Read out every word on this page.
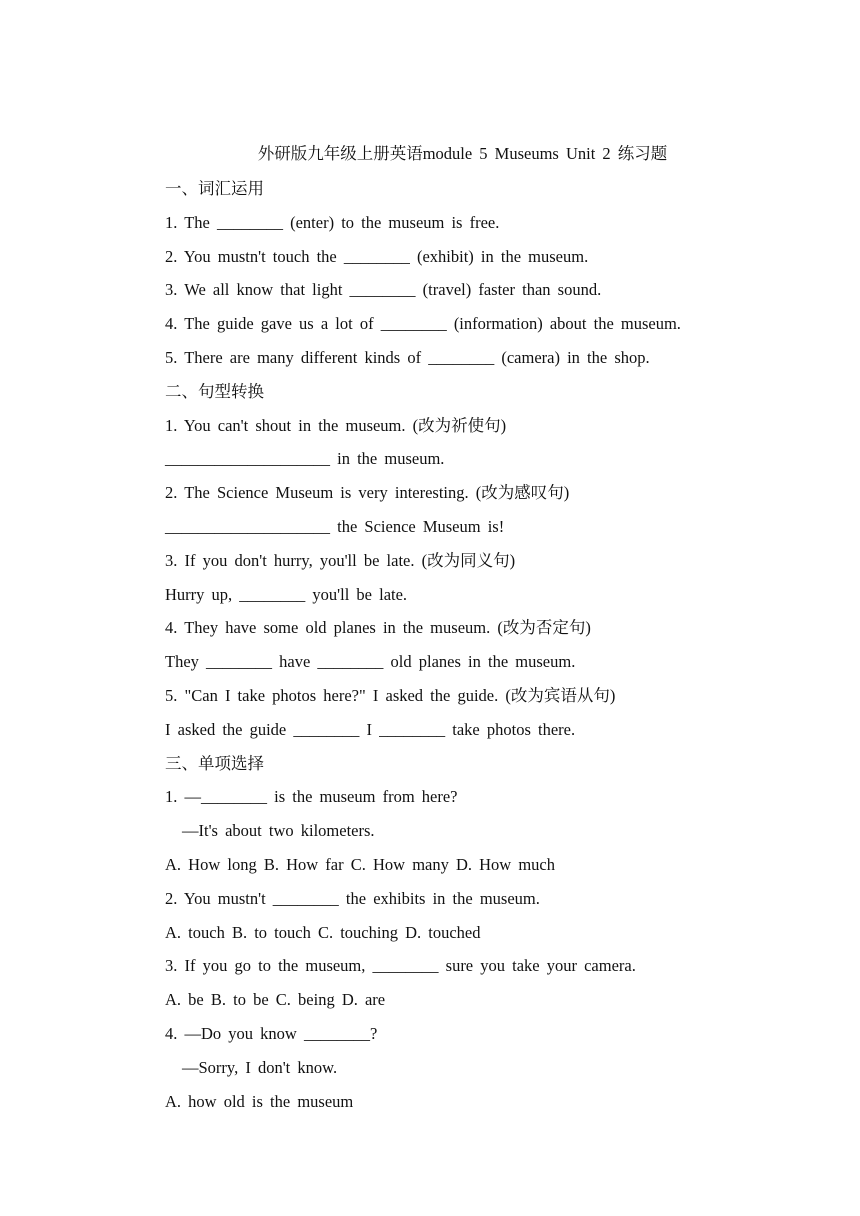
外研版九年级上册英语module 5 Museums Unit 2 练习题
一、词汇运用
1. The ________ (enter) to the museum is free.
2. You mustn't touch the ________ (exhibit) in the museum.
3. We all know that light ________ (travel) faster than sound.
4. The guide gave us a lot of ________ (information) about the museum.
5. There are many different kinds of ________ (camera) in the shop.
二、句型转换
1. You can't shout in the museum. (改为祈使句)
____________________ in the museum.
2. The Science Museum is very interesting. (改为感叹句)
____________________ the Science Museum is!
3. If you don't hurry, you'll be late. (改为同义句)
Hurry up, ________ you'll be late.
4. They have some old planes in the museum. (改为否定句)
They ________ have ________ old planes in the museum.
5. "Can I take photos here?" I asked the guide. (改为宾语从句)
I asked the guide ________ I ________ take photos there.
三、单项选择
1. —________ is the museum from here?
—It's about two kilometers.
A. How long B. How far C. How many D. How much
2. You mustn't ________ the exhibits in the museum.
A. touch B. to touch C. touching D. touched
3. If you go to the museum, ________ sure you take your camera.
A. be B. to be C. being D. are
4. —Do you know ________?
—Sorry, I don't know.
A. how old is the museum
